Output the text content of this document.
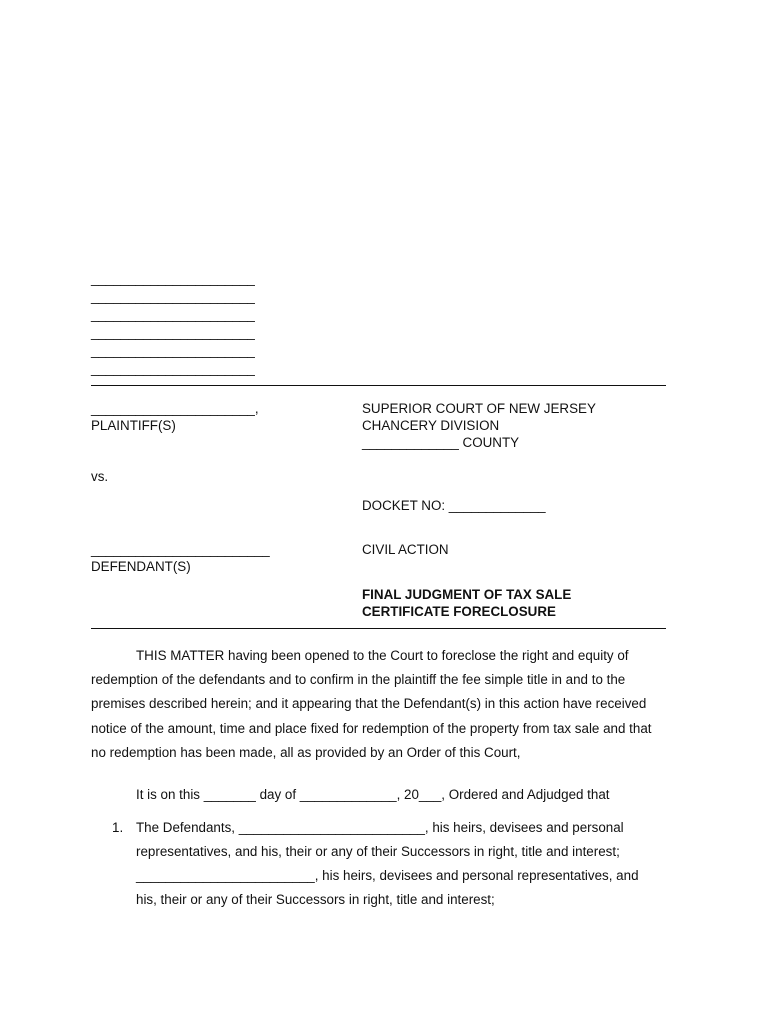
______________________
______________________
______________________
______________________
______________________
______________________
______________________,
PLAINTIFF(S)
vs.
________________________
DEFENDANT(S)
SUPERIOR COURT OF NEW JERSEY
CHANCERY DIVISION
_____________ COUNTY
DOCKET NO: _____________
CIVIL ACTION
FINAL JUDGMENT OF TAX SALE
CERTIFICATE FORECLOSURE
THIS MATTER having been opened to the Court to foreclose the right and equity of
redemption of the defendants and to confirm in the plaintiff the fee simple title in and to the
premises described herein; and it appearing that the Defendant(s) in this action have received
notice of the amount, time and place fixed for redemption of the property from tax sale and that
no redemption has been made, all as provided by an Order of this Court,
It is on this _______ day of _____________, 20___, Ordered and Adjudged that
1. The Defendants, _________________________, his heirs, devisees and personal
representatives, and his, their or any of their Successors in right, title and interest;
________________________, his heirs, devisees and personal representatives, and
his, their or any of their Successors in right, title and interest;
